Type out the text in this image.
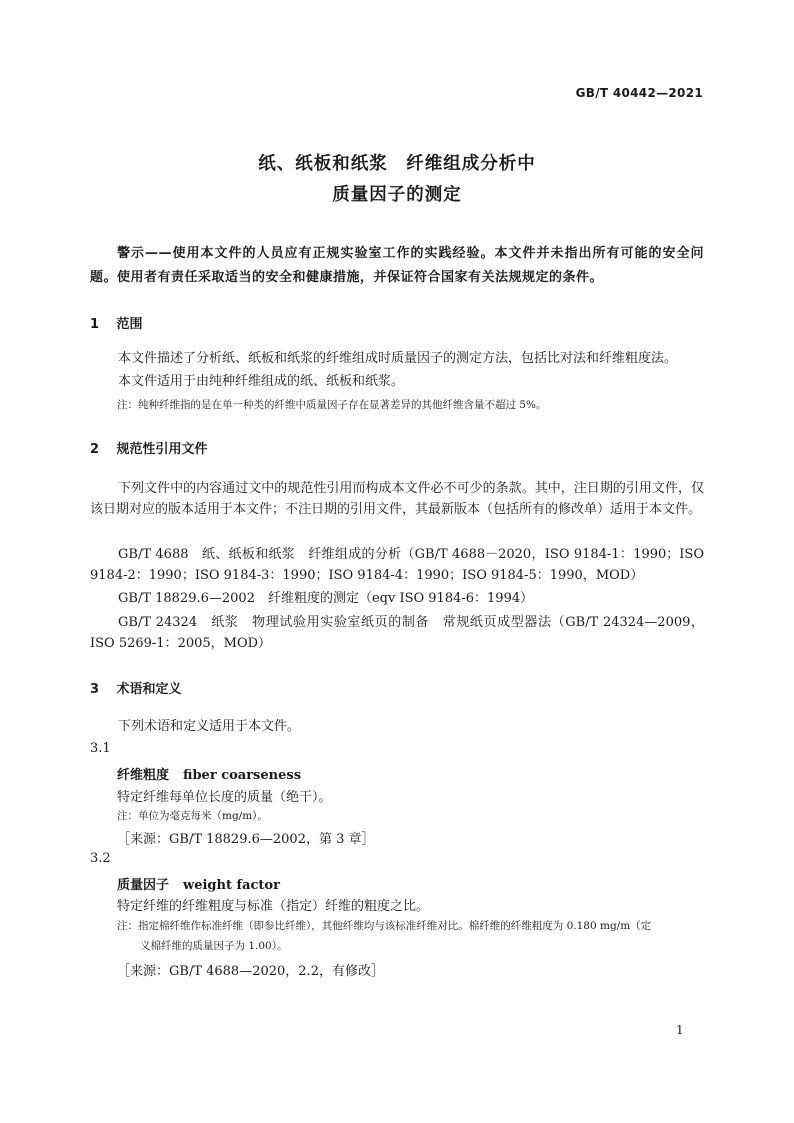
GB/T 40442—2021
纸、纸板和纸浆　纤维组成分析中
质量因子的测定
警示——使用本文件的人员应有正规实验室工作的实践经验。本文件并未指出所有可能的安全问题。使用者有责任采取适当的安全和健康措施，并保证符合国家有关法规规定的条件。
1 范围
本文件描述了分析纸、纸板和纸浆的纤维组成时质量因子的测定方法，包括比对法和纤维粗度法。
本文件适用于由纯种纤维组成的纸、纸板和纸浆。
注：纯种纤维指的是在单一种类的纤维中质量因子存在显著差异的其他纤维含量不超过 5%。
2 规范性引用文件
下列文件中的内容通过文中的规范性引用而构成本文件必不可少的条款。其中，注日期的引用文件，仅该日期对应的版本适用于本文件；不注日期的引用文件，其最新版本（包括所有的修改单）适用于本文件。
GB/T 4688　纸、纸板和纸浆　纤维组成的分析（GB/T 4688－2020，ISO 9184-1：1990；ISO 9184-2：1990；ISO 9184-3：1990；ISO 9184-4：1990；ISO 9184-5：1990，MOD）
GB/T 18829.6—2002　纤维粗度的测定（eqv ISO 9184-6：1994）
GB/T 24324　纸浆　物理试验用实验室纸页的制备　常规纸页成型器法（GB/T 24324—2009，ISO 5269-1：2005，MOD）
3 术语和定义
下列术语和定义适用于本文件。
3.1
纤维粗度 fiber coarseness
特定纤维每单位长度的质量（绝干）。
注：单位为毫克每米（mg/m）。
［来源：GB/T 18829.6—2002，第 3 章］
3.2
质量因子 weight factor
特定纤维的纤维粗度与标准（指定）纤维的粗度之比。
注：指定棉纤维作标准纤维（即参比纤维），其他纤维均与该标准纤维对比。棉纤维的纤维粗度为 0.180 mg/m（定
义棉纤维的质量因子为 1.00）。
［来源：GB/T 4688—2020，2.2，有修改］
1
